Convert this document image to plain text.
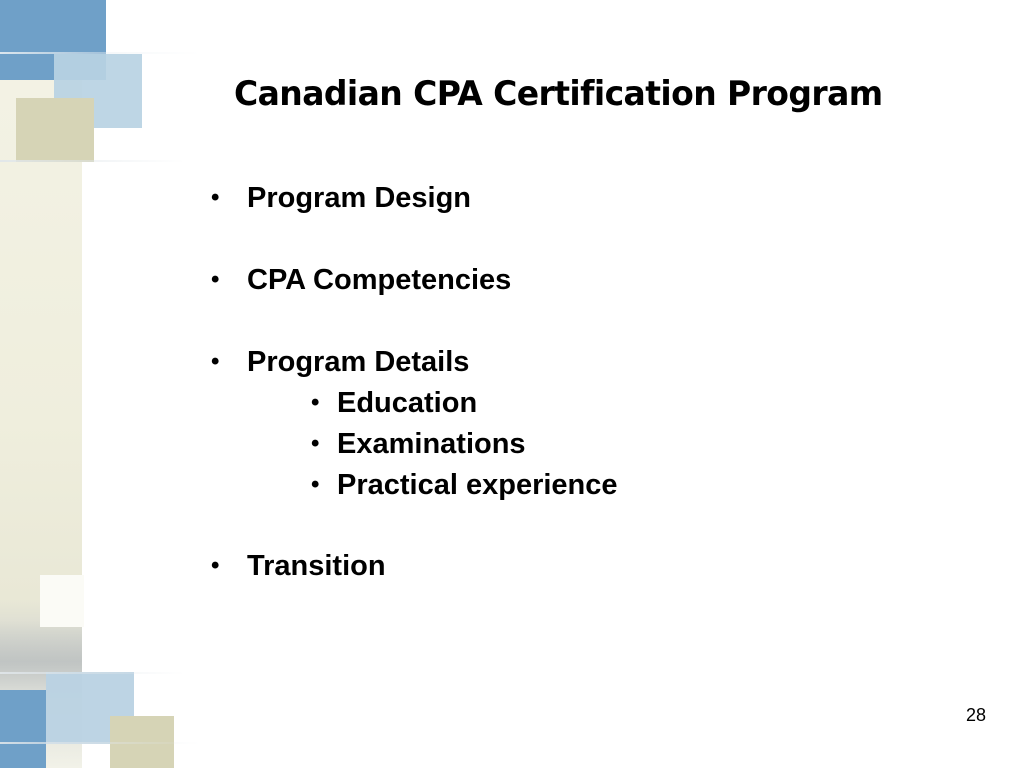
Canadian CPA Certification Program
• Program Design
• CPA Competencies
• Program Details
• Education
• Examinations
• Practical experience
• Transition
28
